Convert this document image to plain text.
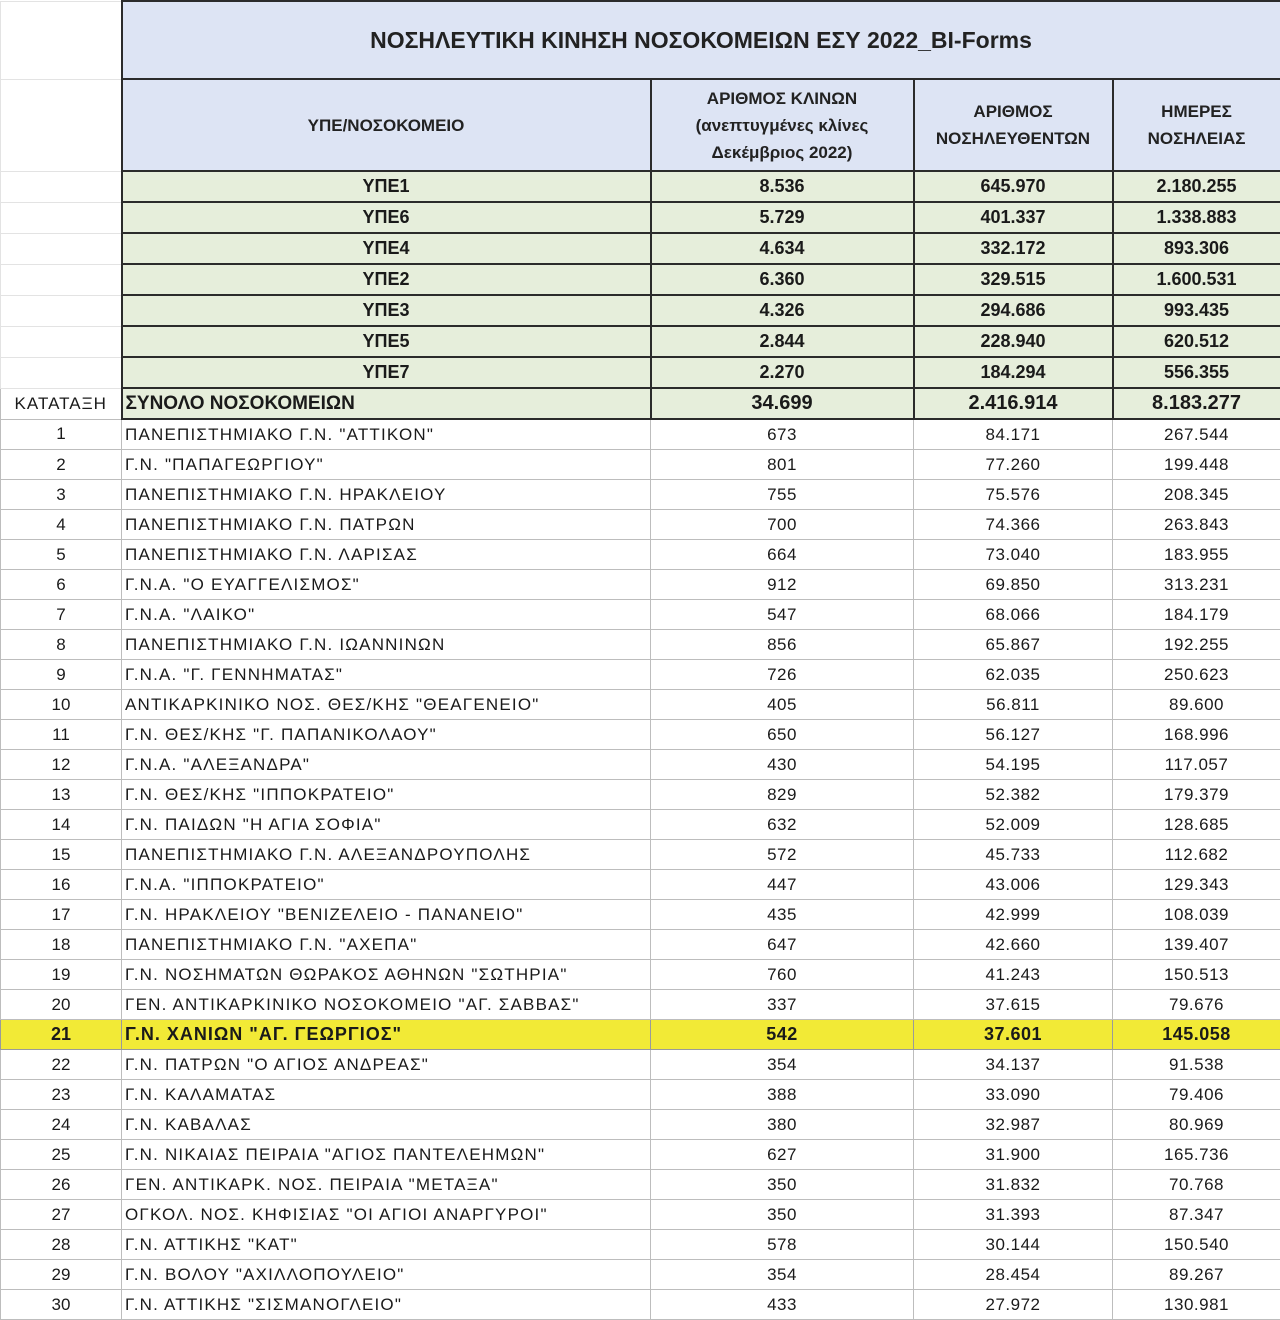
	ΝΟΣΗΛΕΥΤΙΚΗ ΚΙΝΗΣΗ ΝΟΣΟΚΟΜΕΙΩΝ ΕΣΥ 2022_BI-Forms			
	ΥΠΕ/ΝΟΣΟΚΟΜΕΙΟ	ΑΡΙΘΜΟΣ ΚΛΙΝΩΝ
(ανεπτυγμένες κλίνες
Δεκέμβριος 2022)	ΑΡΙΘΜΟΣ
ΝΟΣΗΛΕΥΘΕΝΤΩΝ	ΗΜΕΡΕΣ
ΝΟΣΗΛΕΙΑΣ
	ΥΠΕ1	8.536	645.970	2.180.255
	ΥΠΕ6	5.729	401.337	1.338.883
	ΥΠΕ4	4.634	332.172	893.306
	ΥΠΕ2	6.360	329.515	1.600.531
	ΥΠΕ3	4.326	294.686	993.435
	ΥΠΕ5	2.844	228.940	620.512
	ΥΠΕ7	2.270	184.294	556.355
ΚΑΤΑΤΑΞΗ	ΣΥΝΟΛΟ ΝΟΣΟΚΟΜΕΙΩΝ	34.699	2.416.914	8.183.277
1	ΠΑΝΕΠΙΣΤΗΜΙΑΚΟ Γ.Ν. "ΑΤΤΙΚΟΝ"	673	84.171	267.544
2	Γ.Ν. "ΠΑΠΑΓΕΩΡΓΙΟΥ"	801	77.260	199.448
3	ΠΑΝΕΠΙΣΤΗΜΙΑΚΟ Γ.Ν. ΗΡΑΚΛΕΙΟΥ	755	75.576	208.345
4	ΠΑΝΕΠΙΣΤΗΜΙΑΚΟ Γ.Ν. ΠΑΤΡΩΝ	700	74.366	263.843
5	ΠΑΝΕΠΙΣΤΗΜΙΑΚΟ Γ.Ν. ΛΑΡΙΣΑΣ	664	73.040	183.955
6	Γ.Ν.Α. "Ο ΕΥΑΓΓΕΛΙΣΜΟΣ"	912	69.850	313.231
7	Γ.Ν.Α. "ΛΑΙΚΟ"	547	68.066	184.179
8	ΠΑΝΕΠΙΣΤΗΜΙΑΚΟ Γ.Ν. ΙΩΑΝΝΙΝΩΝ	856	65.867	192.255
9	Γ.Ν.Α. "Γ. ΓΕΝΝΗΜΑΤΑΣ"	726	62.035	250.623
10	ΑΝΤΙΚΑΡΚΙΝΙΚΟ ΝΟΣ. ΘΕΣ/ΚΗΣ "ΘΕΑΓΕΝΕΙΟ"	405	56.811	89.600
11	Γ.Ν. ΘΕΣ/ΚΗΣ "Γ. ΠΑΠΑΝΙΚΟΛΑΟΥ"	650	56.127	168.996
12	Γ.Ν.Α. "ΑΛΕΞΑΝΔΡΑ"	430	54.195	117.057
13	Γ.Ν. ΘΕΣ/ΚΗΣ "ΙΠΠΟΚΡΑΤΕΙΟ"	829	52.382	179.379
14	Γ.Ν. ΠΑΙΔΩΝ "Η ΑΓΙΑ ΣΟΦΙΑ"	632	52.009	128.685
15	ΠΑΝΕΠΙΣΤΗΜΙΑΚΟ Γ.Ν. ΑΛΕΞΑΝΔΡΟΥΠΟΛΗΣ	572	45.733	112.682
16	Γ.Ν.Α. "ΙΠΠΟΚΡΑΤΕΙΟ"	447	43.006	129.343
17	Γ.Ν. ΗΡΑΚΛΕΙΟΥ "ΒΕΝΙΖΕΛΕΙΟ - ΠΑΝΑΝΕΙΟ"	435	42.999	108.039
18	ΠΑΝΕΠΙΣΤΗΜΙΑΚΟ Γ.Ν. "ΑΧΕΠΑ"	647	42.660	139.407
19	Γ.Ν. ΝΟΣΗΜΑΤΩΝ ΘΩΡΑΚΟΣ ΑΘΗΝΩΝ "ΣΩΤΗΡΙΑ"	760	41.243	150.513
20	ΓΕΝ. ΑΝΤΙΚΑΡΚΙΝΙΚΟ ΝΟΣΟΚΟΜΕΙΟ "ΑΓ. ΣΑΒΒΑΣ"	337	37.615	79.676
21	Γ.Ν. ΧΑΝΙΩΝ "ΑΓ. ΓΕΩΡΓΙΟΣ"	542	37.601	145.058
22	Γ.Ν. ΠΑΤΡΩΝ "Ο ΑΓΙΟΣ ΑΝΔΡΕΑΣ"	354	34.137	91.538
23	Γ.Ν. ΚΑΛΑΜΑΤΑΣ	388	33.090	79.406
24	Γ.Ν. ΚΑΒΑΛΑΣ	380	32.987	80.969
25	Γ.Ν. ΝΙΚΑΙΑΣ ΠΕΙΡΑΙΑ "ΑΓΙΟΣ ΠΑΝΤΕΛΕΗΜΩΝ"	627	31.900	165.736
26	ΓΕΝ. ΑΝΤΙΚΑΡΚ. ΝΟΣ. ΠΕΙΡΑΙΑ "ΜΕΤΑΞΑ"	350	31.832	70.768
27	ΟΓΚΟΛ. ΝΟΣ. ΚΗΦΙΣΙΑΣ "ΟΙ ΑΓΙΟΙ ΑΝΑΡΓΥΡΟΙ"	350	31.393	87.347
28	Γ.Ν. ΑΤΤΙΚΗΣ "ΚΑΤ"	578	30.144	150.540
29	Γ.Ν. ΒΟΛΟΥ "ΑΧΙΛΛΟΠΟΥΛΕΙΟ"	354	28.454	89.267
30	Γ.Ν. ΑΤΤΙΚΗΣ "ΣΙΣΜΑΝΟΓΛΕΙΟ"	433	27.972	130.981
